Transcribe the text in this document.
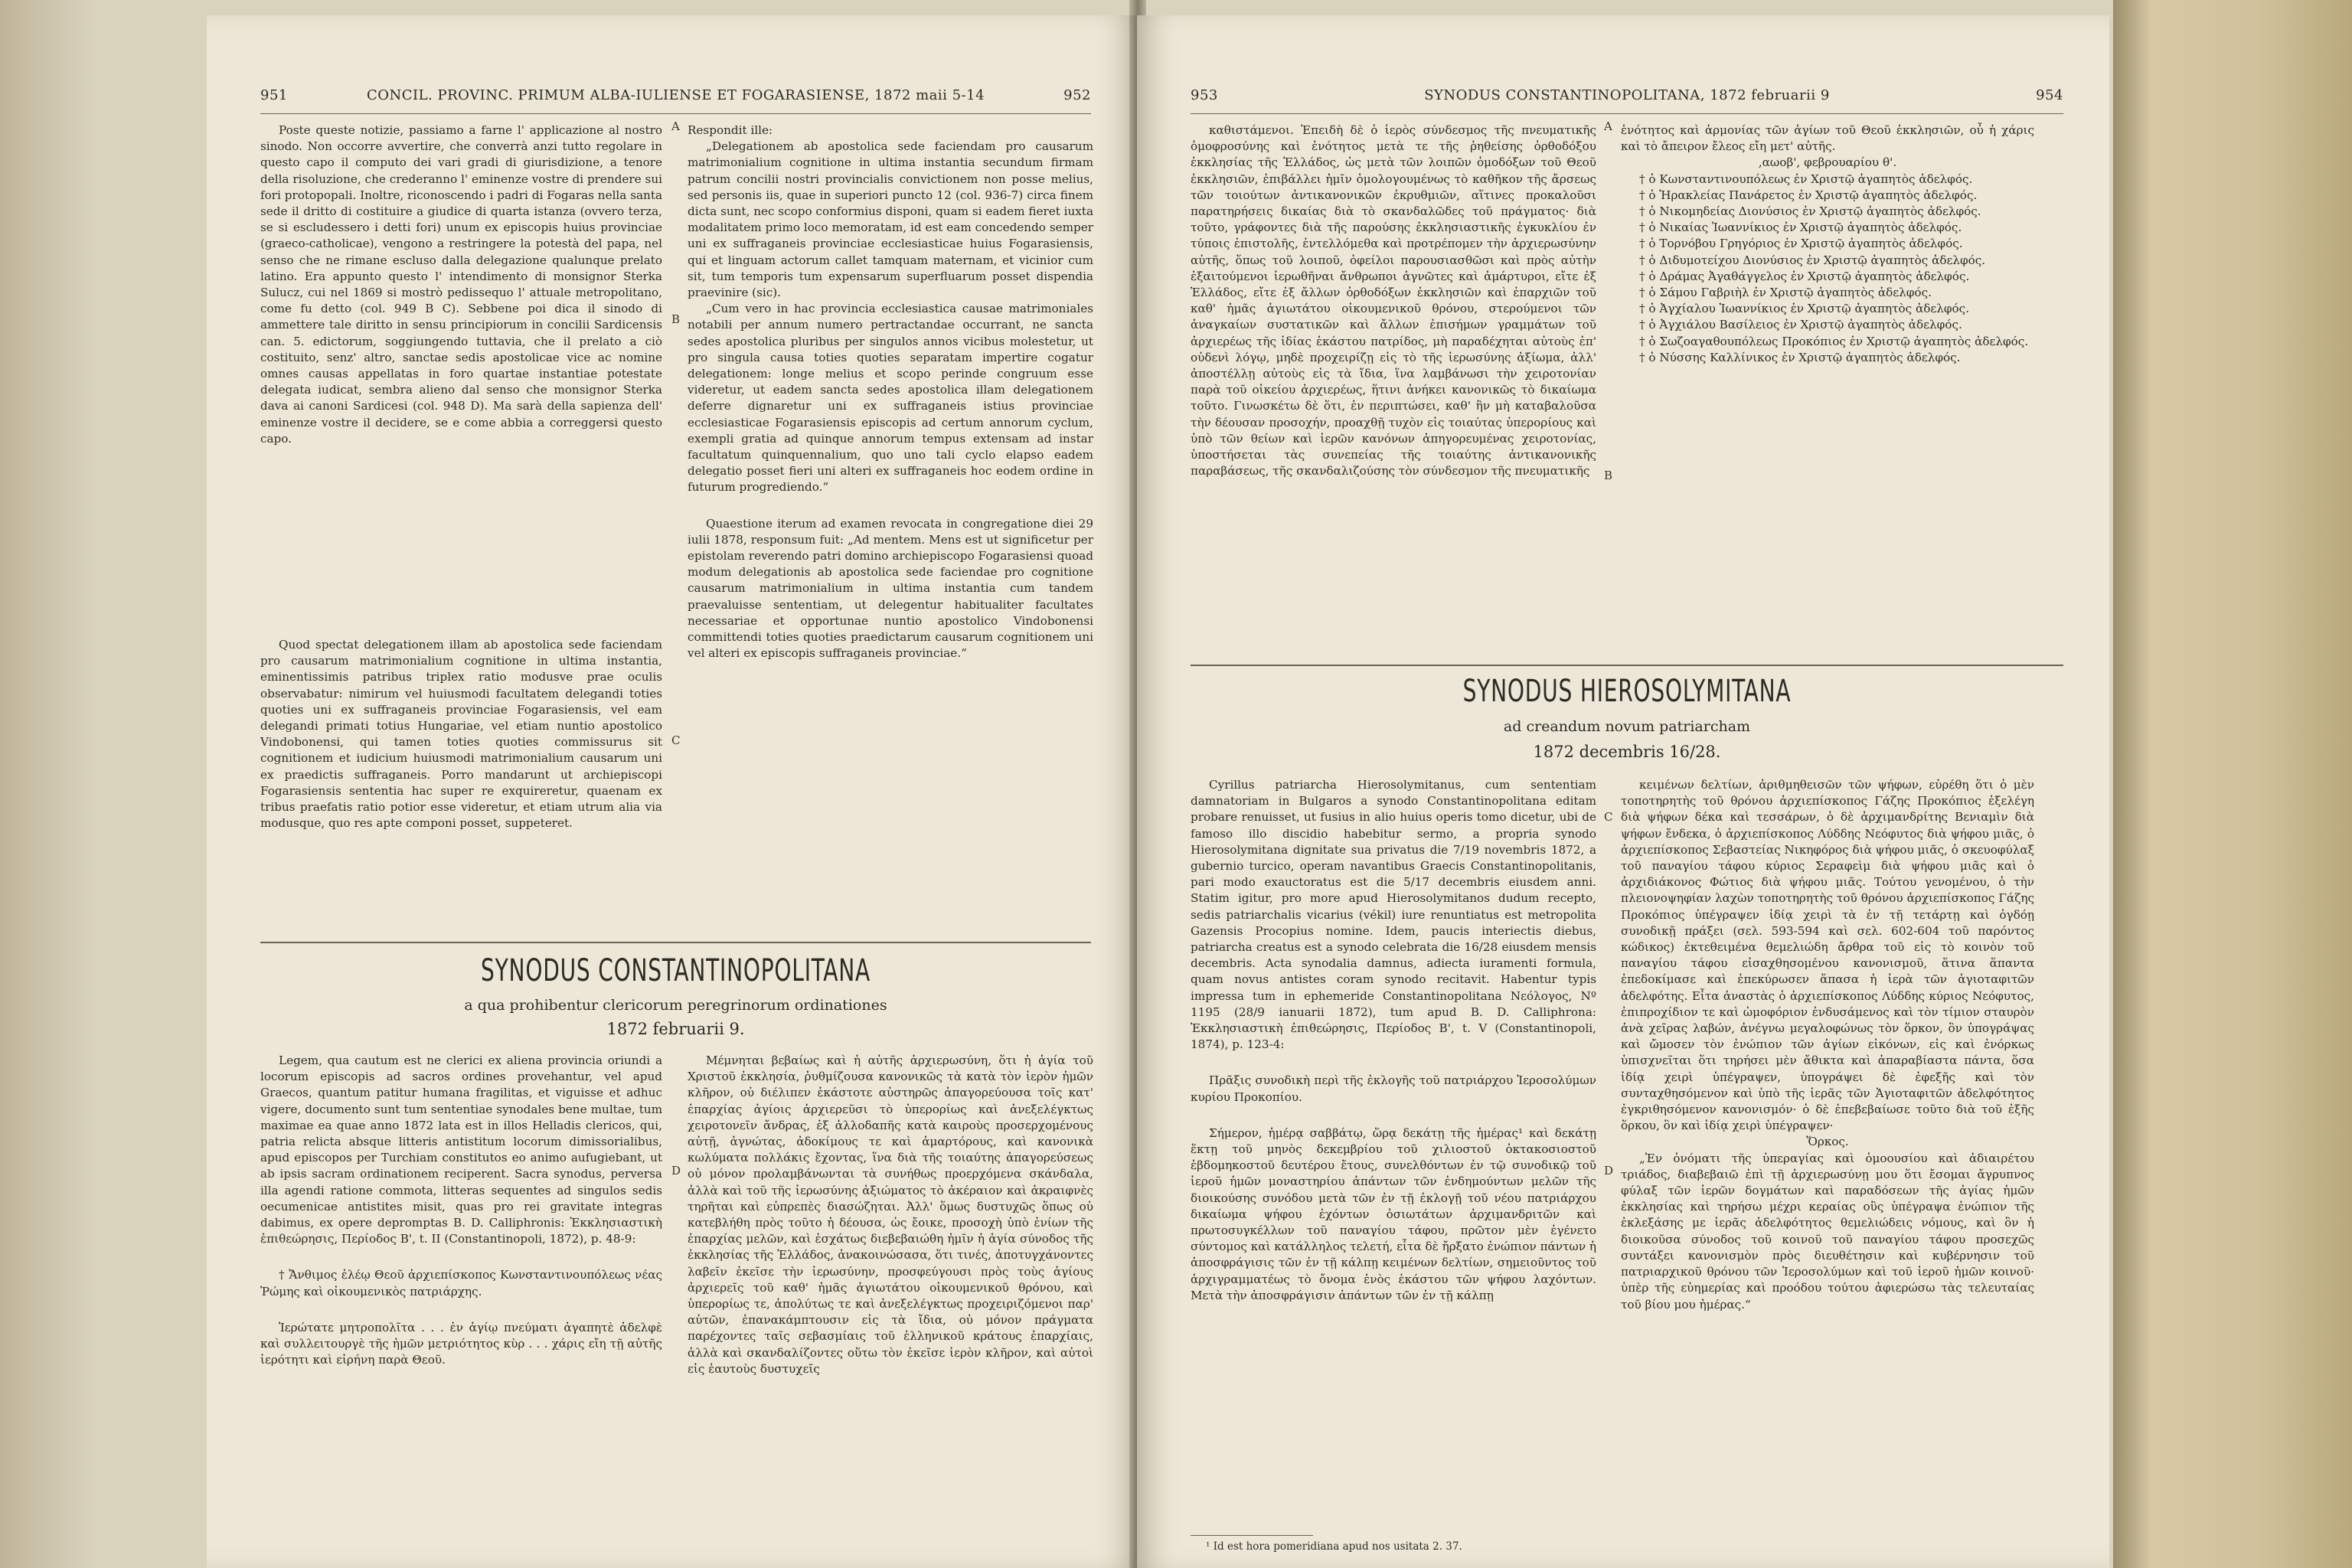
951	CONCIL. PROVINC. PRIMUM ALBA-IULIENSE ET FOGARASIENSE, 1872 maii 5-14	952

Poste queste notizie, passiamo a farne l' applicazione al nostro sinodo. Non occorre avvertire, che converrà anzi tutto regolare in questo capo il computo dei vari gradi di giurisdizione, a tenore della risoluzione, che crederanno l' eminenze vostre di prendere sui fori protopopali. Inoltre, riconoscendo i padri di Fogaras nella santa sede il dritto di costituire a giudice di quarta istanza (ovvero terza, se si escludessero i detti fori) unum ex episcopis huius provinciae (graeco-catholicae), vengono a restringere la potestà del papa, nel senso che ne rimane escluso dalla delegazione qualunque prelato latino. Era appunto questo l' intendimento di monsignor Sterka Sulucz, cui nel 1869 si mostrò pedissequo l' attuale metropolitano, come fu detto (col. 949 B C). Sebbene poi dica il sinodo di ammettere tale diritto in sensu principiorum in concilii Sardicensis can. 5. edictorum, soggiungendo tuttavia, che il prelato a ciò costituito, senz' altro, sanctae sedis apostolicae vice ac nomine omnes causas appellatas in foro quartae instantiae potestate delegata iudicat, sembra alieno dal senso che monsignor Sterka dava ai canoni Sardicesi (col. 948 D). Ma sarà della sapienza dell' eminenze vostre il decidere, se e come abbia a correggersi questo capo.

Quod spectat delegationem illam ab apostolica sede faciendam pro causarum matrimonialium cognitione in ultima instantia, eminentissimis patribus triplex ratio modusve prae oculis observabatur: nimirum vel huiusmodi facultatem delegandi toties quoties uni ex suffraganeis provinciae Fogarasiensis, vel eam delegandi primati totius Hungariae, vel etiam nuntio apostolico Vindobonensi, qui tamen toties quoties commissurus sit cognitionem et iudicium huiusmodi matrimonialium causarum uni ex praedictis suffraganeis. Porro mandarunt ut archiepiscopi Fogarasiensis sententia hac super re exquireretur, quaenam ex tribus praefatis ratio potior esse videretur, et etiam utrum alia via modusque, quo res apte componi posset, suppeteret.

A
B
C
D

Respondit ille:

„Delegationem ab apostolica sede faciendam pro causarum matrimonialium cognitione in ultima instantia secundum firmam patrum concilii nostri provincialis convictionem non posse melius, sed personis iis, quae in superiori puncto 12 (col. 936-7) circa finem dicta sunt, nec scopo conformius disponi, quam si eadem fieret iuxta modalitatem primo loco memoratam, id est eam concedendo semper uni ex suffraganeis provinciae ecclesiasticae huius Fogarasiensis, qui et linguam actorum callet tamquam maternam, et vicinior cum sit, tum temporis tum expensarum superfluarum posset dispendia praevinire (sic).

„Cum vero in hac provincia ecclesiastica causae matrimoniales notabili per annum numero pertractandae occurrant, ne sancta sedes apostolica pluribus per singulos annos vicibus molestetur, ut pro singula causa toties quoties separatam impertire cogatur delegationem: longe melius et scopo perinde congruum esse videretur, ut eadem sancta sedes apostolica illam delegationem deferre dignaretur uni ex suffraganeis istius provinciae ecclesiasticae Fogarasiensis episcopis ad certum annorum cyclum, exempli gratia ad quinque annorum tempus extensam ad instar facultatum quinquennalium, quo uno tali cyclo elapso eadem delegatio posset fieri uni alteri ex suffraganeis hoc eodem ordine in futurum progrediendo.“

Quaestione iterum ad examen revocata in congregatione diei 29 iulii 1878, responsum fuit: „Ad mentem. Mens est ut significetur per epistolam reverendo patri domino archiepiscopo Fogarasiensi quoad modum delegationis ab apostolica sede faciendae pro cognitione causarum matrimonialium in ultima instantia cum tandem praevaluisse sententiam, ut delegentur habitualiter facultates necessariae et opportunae nuntio apostolico Vindobonensi committendi toties quoties praedictarum causarum cognitionem uni vel alteri ex episcopis suffraganeis provinciae.“

SYNODUS CONSTANTINOPOLITANA
a qua prohibentur clericorum peregrinorum ordinationes
1872 februarii 9.

Legem, qua cautum est ne clerici ex aliena provincia oriundi a locorum episcopis ad sacros ordines provehantur, vel apud Graecos, quantum patitur humana fragilitas, et viguisse et adhuc vigere, documento sunt tum sententiae synodales bene multae, tum maximae ea quae anno 1872 lata est in illos Helladis clericos, qui, patria relicta absque litteris antistitum locorum dimissorialibus, apud episcopos per Turchiam constitutos eo animo aufugiebant, ut ab ipsis sacram ordinationem reciperent. Sacra synodus, perversa illa agendi ratione commota, litteras sequentes ad singulos sedis oecumenicae antistites misit, quas pro rei gravitate integras dabimus, ex opere depromptas B. D. Calliphronis: Ἐκκλησιαστικὴ ἐπιθεώρησις, Περίοδος Β', t. II (Constantinopoli, 1872), p. 48-9:

† Ἄνθιμος ἐλέῳ Θεοῦ ἀρχιεπίσκοπος Κωνσταντινουπόλεως νέας Ῥώμης καὶ οἰκουμενικὸς πατριάρχης.

Ἱερώτατε μητροπολῖτα . . . ἐν ἁγίῳ πνεύματι ἀγαπητὲ ἀδελφὲ καὶ συλλειτουργὲ τῆς ἡμῶν μετριότητος κὺρ . . . χάρις εἴη τῇ αὐτῆς ἱερότητι καὶ εἰρήνη παρὰ Θεοῦ.

Μέμνηται βεβαίως καὶ ἡ αὐτῆς ἀρχιερωσύνη, ὅτι ἡ ἁγία τοῦ Χριστοῦ ἐκκλησία, ῥυθμίζουσα κανονικῶς τὰ κατὰ τὸν ἱερὸν ἡμῶν κλῆρον, οὐ διέλιπεν ἑκάστοτε αὐστηρῶς ἀπαγορεύουσα τοῖς κατ' ἐπαρχίας ἁγίοις ἀρχιερεῦσι τὸ ὑπερορίως καὶ ἀνεξελέγκτως χειροτονεῖν ἄνδρας, ἐξ ἀλλοδαπῆς κατὰ καιροὺς προσερχομένους αὐτῇ, ἀγνώτας, ἀδοκίμους τε καὶ ἁμαρτόρους, καὶ κανονικὰ κωλύματα πολλάκις ἔχοντας, ἵνα διὰ τῆς τοιαύτης ἀπαγορεύσεως οὐ μόνον προλαμβάνωνται τὰ συνήθως προερχόμενα σκάνδαλα, ἀλλὰ καὶ τοῦ τῆς ἱερωσύνης ἀξιώματος τὸ ἀκέραιον καὶ ἀκραιφνὲς τηρῆται καὶ εὐπρεπὲς διασώζηται. Ἀλλ' ὅμως δυστυχῶς ὅπως οὐ κατεβλήθη πρὸς τοῦτο ἡ δέουσα, ὡς ἔοικε, προσοχὴ ὑπὸ ἐνίων τῆς ἐπαρχίας μελῶν, καὶ ἐσχάτως διεβεβαιώθη ἡμῖν ἡ ἁγία σύνοδος τῆς ἐκκλησίας τῆς Ἑλλάδος, ἀνακοινώσασα, ὅτι τινές, ἀποτυγχάνοντες λαβεῖν ἐκεῖσε τὴν ἱερωσύνην, προσφεύγουσι πρὸς τοὺς ἁγίους ἀρχιερεῖς τοῦ καθ' ἡμᾶς ἁγιωτάτου οἰκουμενικοῦ θρόνου, καὶ ὑπερορίως τε, ἀπολύτως τε καὶ ἀνεξελέγκτως προχειριζόμενοι παρ' αὐτῶν, ἐπανακάμπτουσιν εἰς τὰ ἴδια, οὐ μόνον πράγματα παρέχοντες ταῖς σεβασμίαις τοῦ ἑλληνικοῦ κράτους ἐπαρχίαις, ἀλλὰ καὶ σκανδαλίζοντες οὕτω τὸν ἐκεῖσε ἱερὸν κλῆρον, καὶ αὐτοὶ εἰς ἑαυτοὺς δυστυχεῖς

953	SYNODUS CONSTANTINOPOLITANA, 1872 februarii 9	954

καθιστάμενοι. Ἐπειδὴ δὲ ὁ ἱερὸς σύνδεσμος τῆς πνευματικῆς ὁμοφροσύνης καὶ ἑνότητος μετὰ τε τῆς ῥηθείσης ὀρθοδόξου ἐκκλησίας τῆς Ἑλλάδος, ὡς μετὰ τῶν λοιπῶν ὁμοδόξων τοῦ Θεοῦ ἐκκλησιῶν, ἐπιβάλλει ἡμῖν ὁμολογουμένως τὸ καθῆκον τῆς ἄρσεως τῶν τοιούτων ἀντικανονικῶν ἐκρυθμιῶν, αἵτινες προκαλοῦσι παρατηρήσεις δικαίας διὰ τὸ σκανδαλῶδες τοῦ πράγματος· διὰ τοῦτο, γράφοντες διὰ τῆς παρούσης ἐκκλησιαστικῆς ἐγκυκλίου ἐν τύποις ἐπιστολῆς, ἐντελλόμεθα καὶ προτρέπομεν τὴν ἀρχιερωσύνην αὐτῆς, ὅπως τοῦ λοιποῦ, ὀφείλοι παρουσιασθῶσι καὶ πρὸς αὐτὴν ἐξαιτούμενοι ἱερωθῆναι ἄνθρωποι ἀγνῶτες καὶ ἀμάρτυροι, εἴτε ἐξ Ἑλλάδος, εἴτε ἐξ ἄλλων ὀρθοδόξων ἐκκλησιῶν καὶ ἐπαρχιῶν τοῦ καθ' ἡμᾶς ἁγιωτάτου οἰκουμενικοῦ θρόνου, στερούμενοι τῶν ἀναγκαίων συστατικῶν καὶ ἄλλων ἐπισήμων γραμμάτων τοῦ ἀρχιερέως τῆς ἰδίας ἑκάστου πατρίδος, μὴ παραδέχηται αὐτοὺς ἐπ' οὐδενὶ λόγῳ, μηδὲ προχειρίζῃ εἰς τὸ τῆς ἱερωσύνης ἀξίωμα, ἀλλ' ἀποστέλλῃ αὐτοὺς εἰς τὰ ἴδια, ἵνα λαμβάνωσι τὴν χειροτονίαν παρὰ τοῦ οἰκείου ἀρχιερέως, ἥτινι ἀνήκει κανονικῶς τὸ δικαίωμα τοῦτο. Γινωσκέτω δὲ ὅτι, ἐν περιπτώσει, καθ' ἣν μὴ καταβαλοῦσα τὴν δέουσαν προσοχήν, προαχθῇ τυχὸν εἰς τοιαύτας ὑπερορίους καὶ ὑπὸ τῶν θείων καὶ ἱερῶν κανόνων ἀπηγορευμένας χειροτονίας, ὑποστήσεται τὰς συνεπείας τῆς τοιαύτης ἀντικανονικῆς παραβάσεως, τῆς σκανδαλιζούσης τὸν σύνδεσμον τῆς πνευματικῆς

A
B
C
D

ἑνότητος καὶ ἁρμονίας τῶν ἁγίων τοῦ Θεοῦ ἐκκλησιῶν, οὗ ἡ χάρις καὶ τὸ ἄπειρον ἔλεος εἴη μετ' αὐτῆς.

,αωοβ', φεβρουαρίου θ'.

† ὁ Κωνσταντινουπόλεως ἐν Χριστῷ ἀγαπητὸς ἀδελφός.

† ὁ Ἡρακλείας Πανάρετος ἐν Χριστῷ ἀγαπητὸς ἀδελφός.

† ὁ Νικομηδείας Διονύσιος ἐν Χριστῷ ἀγαπητὸς ἀδελφός.

† ὁ Νικαίας Ἰωαννίκιος ἐν Χριστῷ ἀγαπητὸς ἀδελφός.

† ὁ Τορνόβου Γρηγόριος ἐν Χριστῷ ἀγαπητὸς ἀδελφός.

† ὁ Διδυμοτείχου Διονύσιος ἐν Χριστῷ ἀγαπητὸς ἀδελφός.

† ὁ Δράμας Ἀγαθάγγελος ἐν Χριστῷ ἀγαπητὸς ἀδελφός.

† ὁ Σάμου Γαβριὴλ ἐν Χριστῷ ἀγαπητὸς ἀδελφός.

† ὁ Ἀγχίαλου Ἰωαννίκιος ἐν Χριστῷ ἀγαπητὸς ἀδελφός.

† ὁ Ἀγχιάλου Βασίλειος ἐν Χριστῷ ἀγαπητὸς ἀδελφός.

† ὁ Σωζοαγαθουπόλεως Προκόπιος ἐν Χριστῷ ἀγαπητὸς ἀδελφός.

† ὁ Νύσσης Καλλίνικος ἐν Χριστῷ ἀγαπητὸς ἀδελφός.

SYNODUS HIEROSOLYMITANA
ad creandum novum patriarcham
1872 decembris 16/28.

Cyrillus patriarcha Hierosolymitanus, cum sententiam damnatoriam in Bulgaros a synodo Constantinopolitana editam probare renuisset, ut fusius in alio huius operis tomo dicetur, ubi de famoso illo discidio habebitur sermo, a propria synodo Hierosolymitana dignitate sua privatus die 7/19 novembris 1872, a gubernio turcico, operam navantibus Graecis Constantinopolitanis, pari modo exauctoratus est die 5/17 decembris eiusdem anni. Statim igitur, pro more apud Hierosolymitanos dudum recepto, sedis patriarchalis vicarius (vékil) iure renuntiatus est metropolita Gazensis Procopius nomine. Idem, paucis interiectis diebus, patriarcha creatus est a synodo celebrata die 16/28 eiusdem mensis decembris. Acta synodalia damnus, adiecta iuramenti formula, quam novus antistes coram synodo recitavit. Habentur typis impressa tum in ephemeride Constantinopolitana Νεόλογος, Nº 1195 (28/9 ianuarii 1872), tum apud B. D. Calliphrona: Ἐκκλησιαστικὴ ἐπιθεώρησις, Περίοδος Β', t. V (Constantinopoli, 1874), p. 123-4:

Πρᾶξις συνοδικὴ περὶ τῆς ἐκλογῆς τοῦ πατριάρχου Ἱεροσολύμων κυρίου Προκοπίου.

Σήμερον, ἡμέρᾳ σαββάτῳ, ὥρᾳ δεκάτῃ τῆς ἡμέρας¹ καὶ δεκάτῃ ἕκτῃ τοῦ μηνὸς δεκεμβρίου τοῦ χιλιοστοῦ ὀκτακοσιοστοῦ ἑβδομηκοστοῦ δευτέρου ἔτους, συνελθόντων ἐν τῷ συνοδικῷ τοῦ ἱεροῦ ἡμῶν μοναστηρίου ἁπάντων τῶν ἐνδημούντων μελῶν τῆς διοικούσης συνόδου μετὰ τῶν ἐν τῇ ἐκλογῇ τοῦ νέου πατριάρχου δικαίωμα ψήφου ἐχόντων ὁσιωτάτων ἀρχιμανδριτῶν καὶ πρωτοσυγκέλλων τοῦ παναγίου τάφου, πρῶτον μὲν ἐγένετο σύντομος καὶ κατάλληλος τελετή, εἶτα δὲ ἤρξατο ἐνώπιον πάντων ἡ ἀποσφράγισις τῶν ἐν τῇ κάλπῃ κειμένων δελτίων, σημειοῦντος τοῦ ἀρχιγραμματέως τὸ ὄνομα ἑνὸς ἑκάστου τῶν ψήφου λαχόντων. Μετὰ τὴν ἀποσφράγισιν ἁπάντων τῶν ἐν τῇ κάλπῃ

κειμένων δελτίων, ἀριθμηθεισῶν τῶν ψήφων, εὑρέθη ὅτι ὁ μὲν τοποτηρητὴς τοῦ θρόνου ἀρχιεπίσκοπος Γάζης Προκόπιος ἐξελέγη διὰ ψήφων δέκα καὶ τεσσάρων, ὁ δὲ ἀρχιμανδρίτης Βενιαμὶν διὰ ψήφων ἔνδεκα, ὁ ἀρχιεπίσκοπος Λύδδης Νεόφυτος διὰ ψήφου μιᾶς, ὁ ἀρχιεπίσκοπος Σεβαστείας Νικηφόρος διὰ ψήφου μιᾶς, ὁ σκευοφύλαξ τοῦ παναγίου τάφου κύριος Σεραφεὶμ διὰ ψήφου μιᾶς καὶ ὁ ἀρχιδιάκονος Φώτιος διὰ ψήφου μιᾶς. Τούτου γενομένου, ὁ τὴν πλειονοψηφίαν λαχὼν τοποτηρητὴς τοῦ θρόνου ἀρχιεπίσκοπος Γάζης Προκόπιος ὑπέγραψεν ἰδίᾳ χειρὶ τὰ ἐν τῇ τετάρτῃ καὶ ὀγδόῃ συνοδικῇ πράξει (σελ. 593-594 καὶ σελ. 602-604 τοῦ παρόντος κώδικος) ἐκτεθειμένα θεμελιώδη ἄρθρα τοῦ εἰς τὸ κοινὸν τοῦ παναγίου τάφου εἰσαχθησομένου κανονισμοῦ, ἅτινα ἅπαντα ἐπεδοκίμασε καὶ ἐπεκύρωσεν ἅπασα ἡ ἱερὰ τῶν ἁγιοταφιτῶν ἀδελφότης. Εἶτα ἀναστὰς ὁ ἀρχιεπίσκοπος Λύδδης κύριος Νεόφυτος, ἐπιπροχίδιον τε καὶ ὡμοφόριον ἐνδυσάμενος καὶ τὸν τίμιον σταυρὸν ἀνὰ χεῖρας λαβών, ἀνέγνω μεγαλοφώνως τὸν ὅρκον, ὃν ὑπογράψας καὶ ὤμοσεν τὸν ἐνώπιον τῶν ἁγίων εἰκόνων, εἰς καὶ ἐνόρκως ὑπισχνεῖται ὅτι τηρήσει μὲν ἄθικτα καὶ ἀπαραβίαστα πάντα, ὅσα ἰδίᾳ χειρὶ ὑπέγραψεν, ὑπογράψει δὲ ἐφεξῆς καὶ τὸν συνταχθησόμενον καὶ ὑπὸ τῆς ἱερᾶς τῶν Ἁγιοταφιτῶν ἀδελφότητος ἐγκριθησόμενον κανονισμόν· ὁ δὲ ἐπεβεβαίωσε τοῦτο διὰ τοῦ ἐξῆς ὅρκου, ὃν καὶ ἰδίᾳ χειρὶ ὑπέγραψεν·

Ὅρκος.

„Ἐν ὀνόματι τῆς ὑπεραγίας καὶ ὁμοουσίου καὶ ἀδιαιρέτου τριάδος, διαβεβαιῶ ἐπὶ τῇ ἀρχιερωσύνῃ μου ὅτι ἔσομαι ἄγρυπνος φύλαξ τῶν ἱερῶν δογμάτων καὶ παραδόσεων τῆς ἁγίας ἡμῶν ἐκκλησίας καὶ τηρήσω μέχρι κεραίας οὓς ὑπέγραψα ἐνώπιον τῆς ἐκλεξάσης με ἱερᾶς ἀδελφότητος θεμελιώδεις νόμους, καὶ ὃν ἡ διοικοῦσα σύνοδος τοῦ κοινοῦ τοῦ παναγίου τάφου προσεχῶς συντάξει κανονισμὸν πρὸς διευθέτησιν καὶ κυβέρνησιν τοῦ πατριαρχικοῦ θρόνου τῶν Ἱεροσολύμων καὶ τοῦ ἱεροῦ ἡμῶν κοινοῦ· ὑπὲρ τῆς εὐημερίας καὶ προόδου τούτου ἀφιερώσω τὰς τελευταίας τοῦ βίου μου ἡμέρας.“

¹ Id est hora pomeridiana apud nos usitata 2. 37.
